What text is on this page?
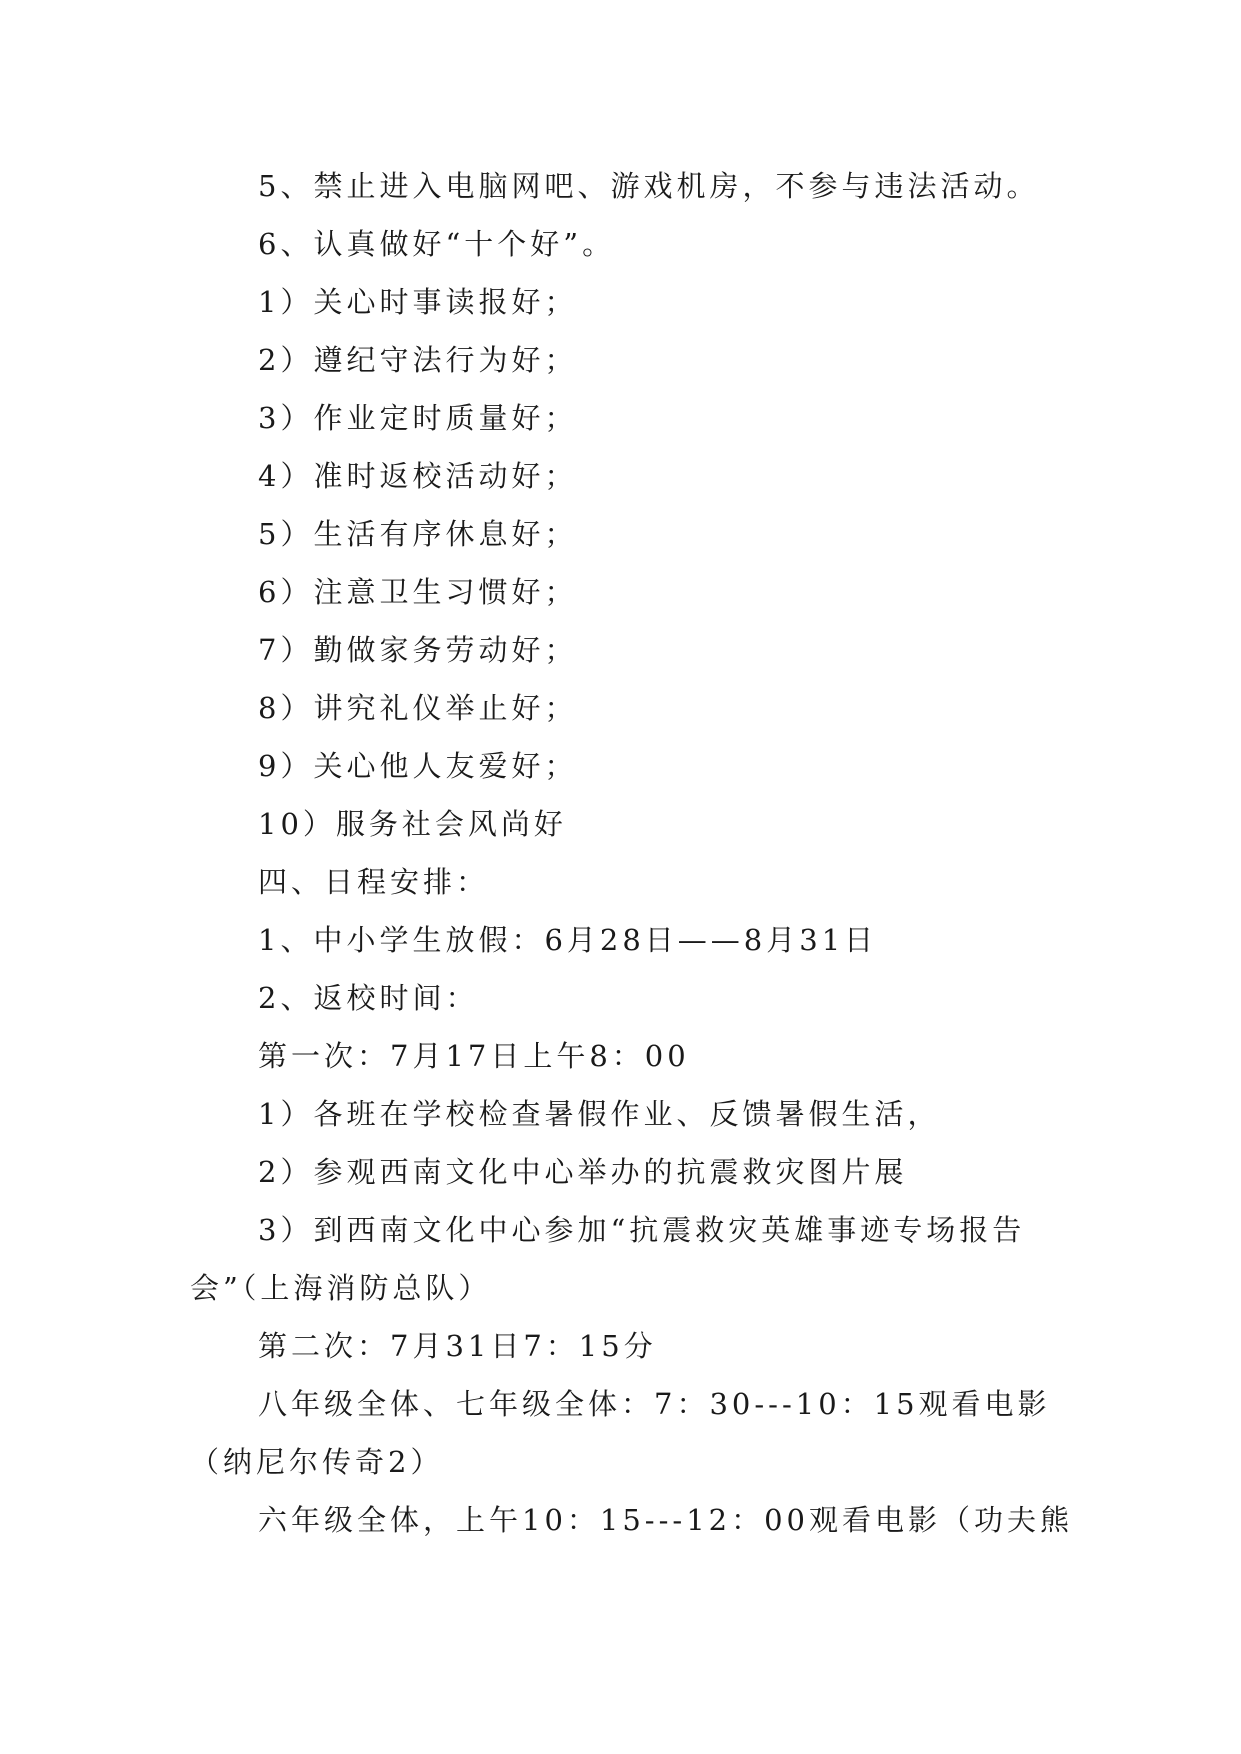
5、禁止进入电脑网吧、游戏机房，不参与违法活动。
6、认真做好“十个好”。
1）关心时事读报好；
2）遵纪守法行为好；
3）作业定时质量好；
4）准时返校活动好；
5）生活有序休息好；
6）注意卫生习惯好；
7）勤做家务劳动好；
8）讲究礼仪举止好；
9）关心他人友爱好；
10）服务社会风尚好
四、日程安排：
1、中小学生放假：6月28日——8月31日
2、返校时间：
第一次：7月17日上午8：00
1）各班在学校检查暑假作业、反馈暑假生活，
2）参观西南文化中心举办的抗震救灾图片展
3）到西南文化中心参加“抗震救灾英雄事迹专场报告
会”（上海消防总队）
第二次：7月31日7：15分
八年级全体、七年级全体：7：30---10：15观看电影
（纳尼尔传奇2）
六年级全体，上午10：15---12：00观看电影（功夫熊
